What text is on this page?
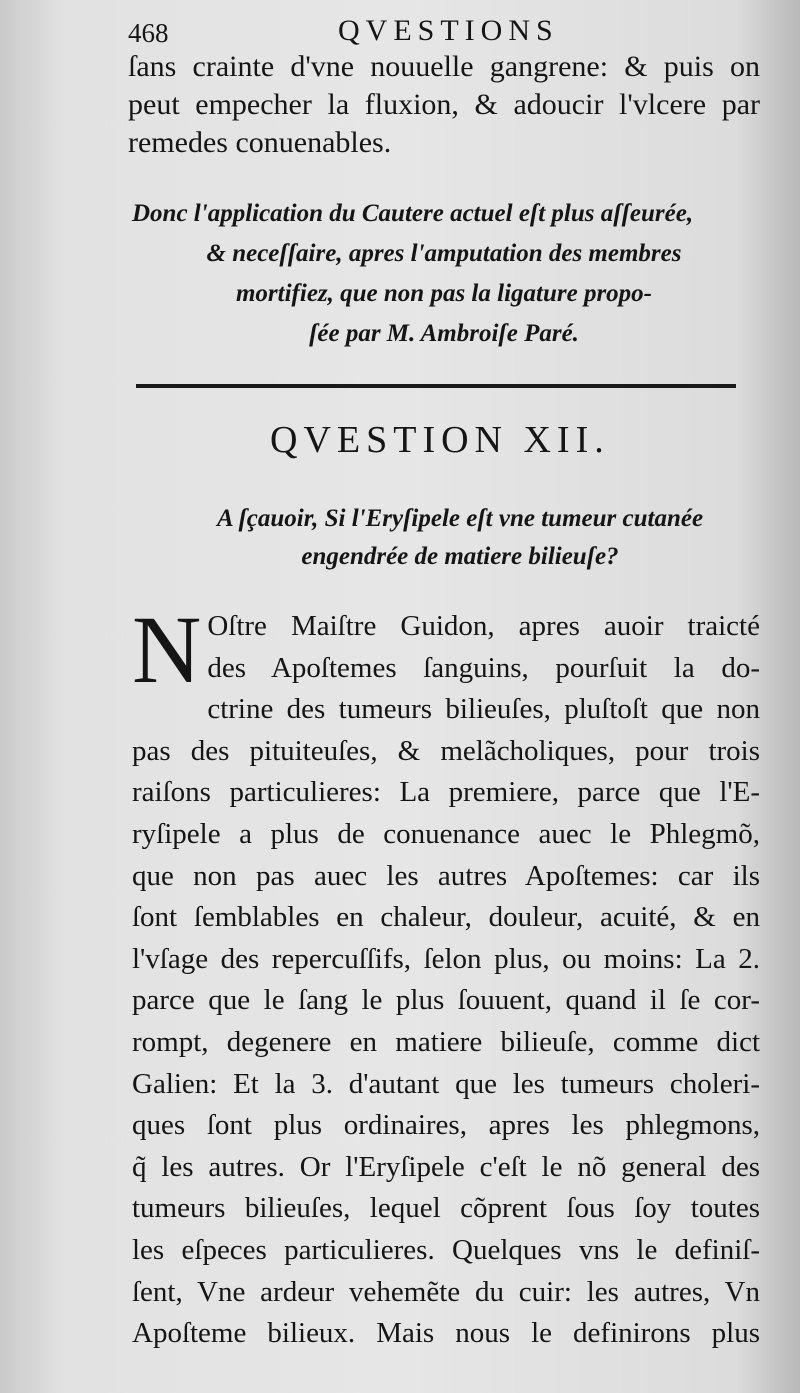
468	QVESTIONS
ſans crainte d'vne nouuelle gangrene: & puis on
peut empecher la fluxion, & adoucir l'vlcere par
remedes conuenables.
Donc l'application du Cautere actuel eſt plus aſſeurée,
& neceſſaire, apres l'amputation des membres
mortifiez, que non pas la ligature propo-
ſée par M. Ambroiſe Paré.
QVESTION XII.
A ſçauoir, Si l'Eryſipele eſt vne tumeur cutanée
engendrée de matiere bilieuſe?
N Oſtre Maiſtre Guidon, apres auoir traicté
des Apoſtemes ſanguins, pourſuit la do-
ctrine des tumeurs bilieuſes, pluſtoſt que non
pas des pituiteuſes, & melãcholiques, pour trois
raiſons particulieres: La premiere, parce que l'E-
ryſipele a plus de conuenance auec le Phlegmõ,
que non pas auec les autres Apoſtemes: car ils
ſont ſemblables en chaleur, douleur, acuité, & en
l'vſage des repercuſſifs, ſelon plus, ou moins: La 2.
parce que le ſang le plus ſouuent, quand il ſe cor-
rompt, degenere en matiere bilieuſe, comme dict
Galien: Et la 3. d'autant que les tumeurs choleri-
ques ſont plus ordinaires, apres les phlegmons,
q̃ les autres. Or l'Eryſipele c'eſt le nõ general des
tumeurs bilieuſes, lequel cõprent ſous ſoy toutes
les eſpeces particulieres. Quelques vns le definiſ-
ſent, Vne ardeur vehemẽte du cuir: les autres, Vn
Apoſteme bilieux. Mais nous le definirons plus
